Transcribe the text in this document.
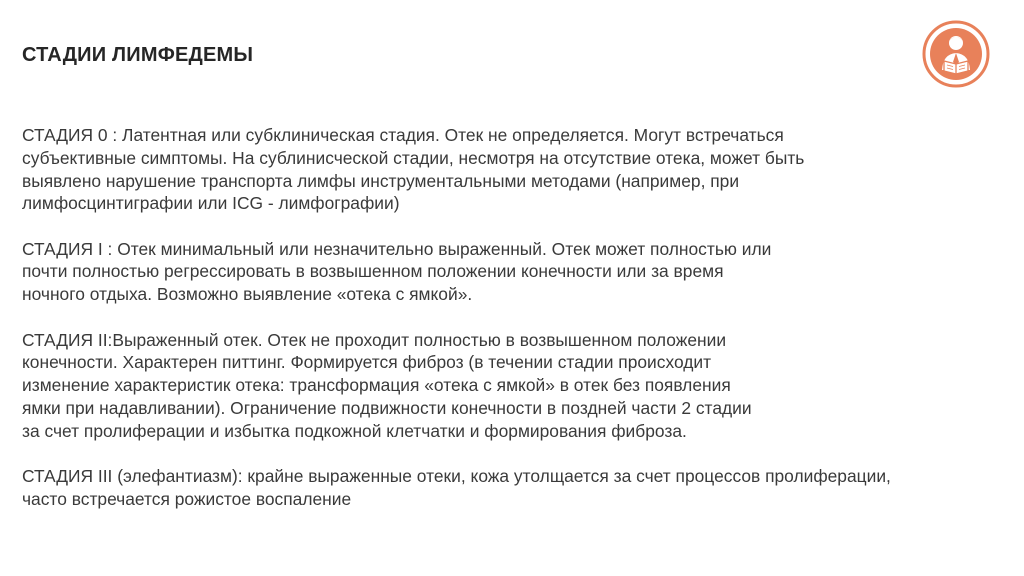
СТАДИИ ЛИМФЕДЕМЫ
СТАДИЯ 0 : Латентная или субклиническая стадия. Отек не определяется. Могут встречаться
субъективные симптомы. На сублинисческой стадии, несмотря на отсутствие отека, может быть
выявлено нарушение транспорта лимфы инструментальными методами (например, при
лимфосцинтиграфии или ICG - лимфографии)
СТАДИЯ I : Отек минимальный или незначительно выраженный. Отек может полностью или
почти полностью регрессировать в возвышенном положении конечности или за время
ночного отдыха. Возможно выявление «отека с ямкой».
СТАДИЯ II:Выраженный отек. Отек не проходит полностью в возвышенном положении
конечности. Характерен питтинг. Формируется фиброз (в течении стадии происходит
изменение характеристик отека: трансформация «отека с ямкой» в отек без появления
ямки при надавливании). Ограничение подвижности конечности в поздней части 2 стадии
за счет пролиферации и избытка подкожной клетчатки и формирования фиброза.
СТАДИЯ III (элефантиазм): крайне выраженные отеки, кожа утолщается за счет процессов пролиферации,
часто встречается рожистое воспаление
